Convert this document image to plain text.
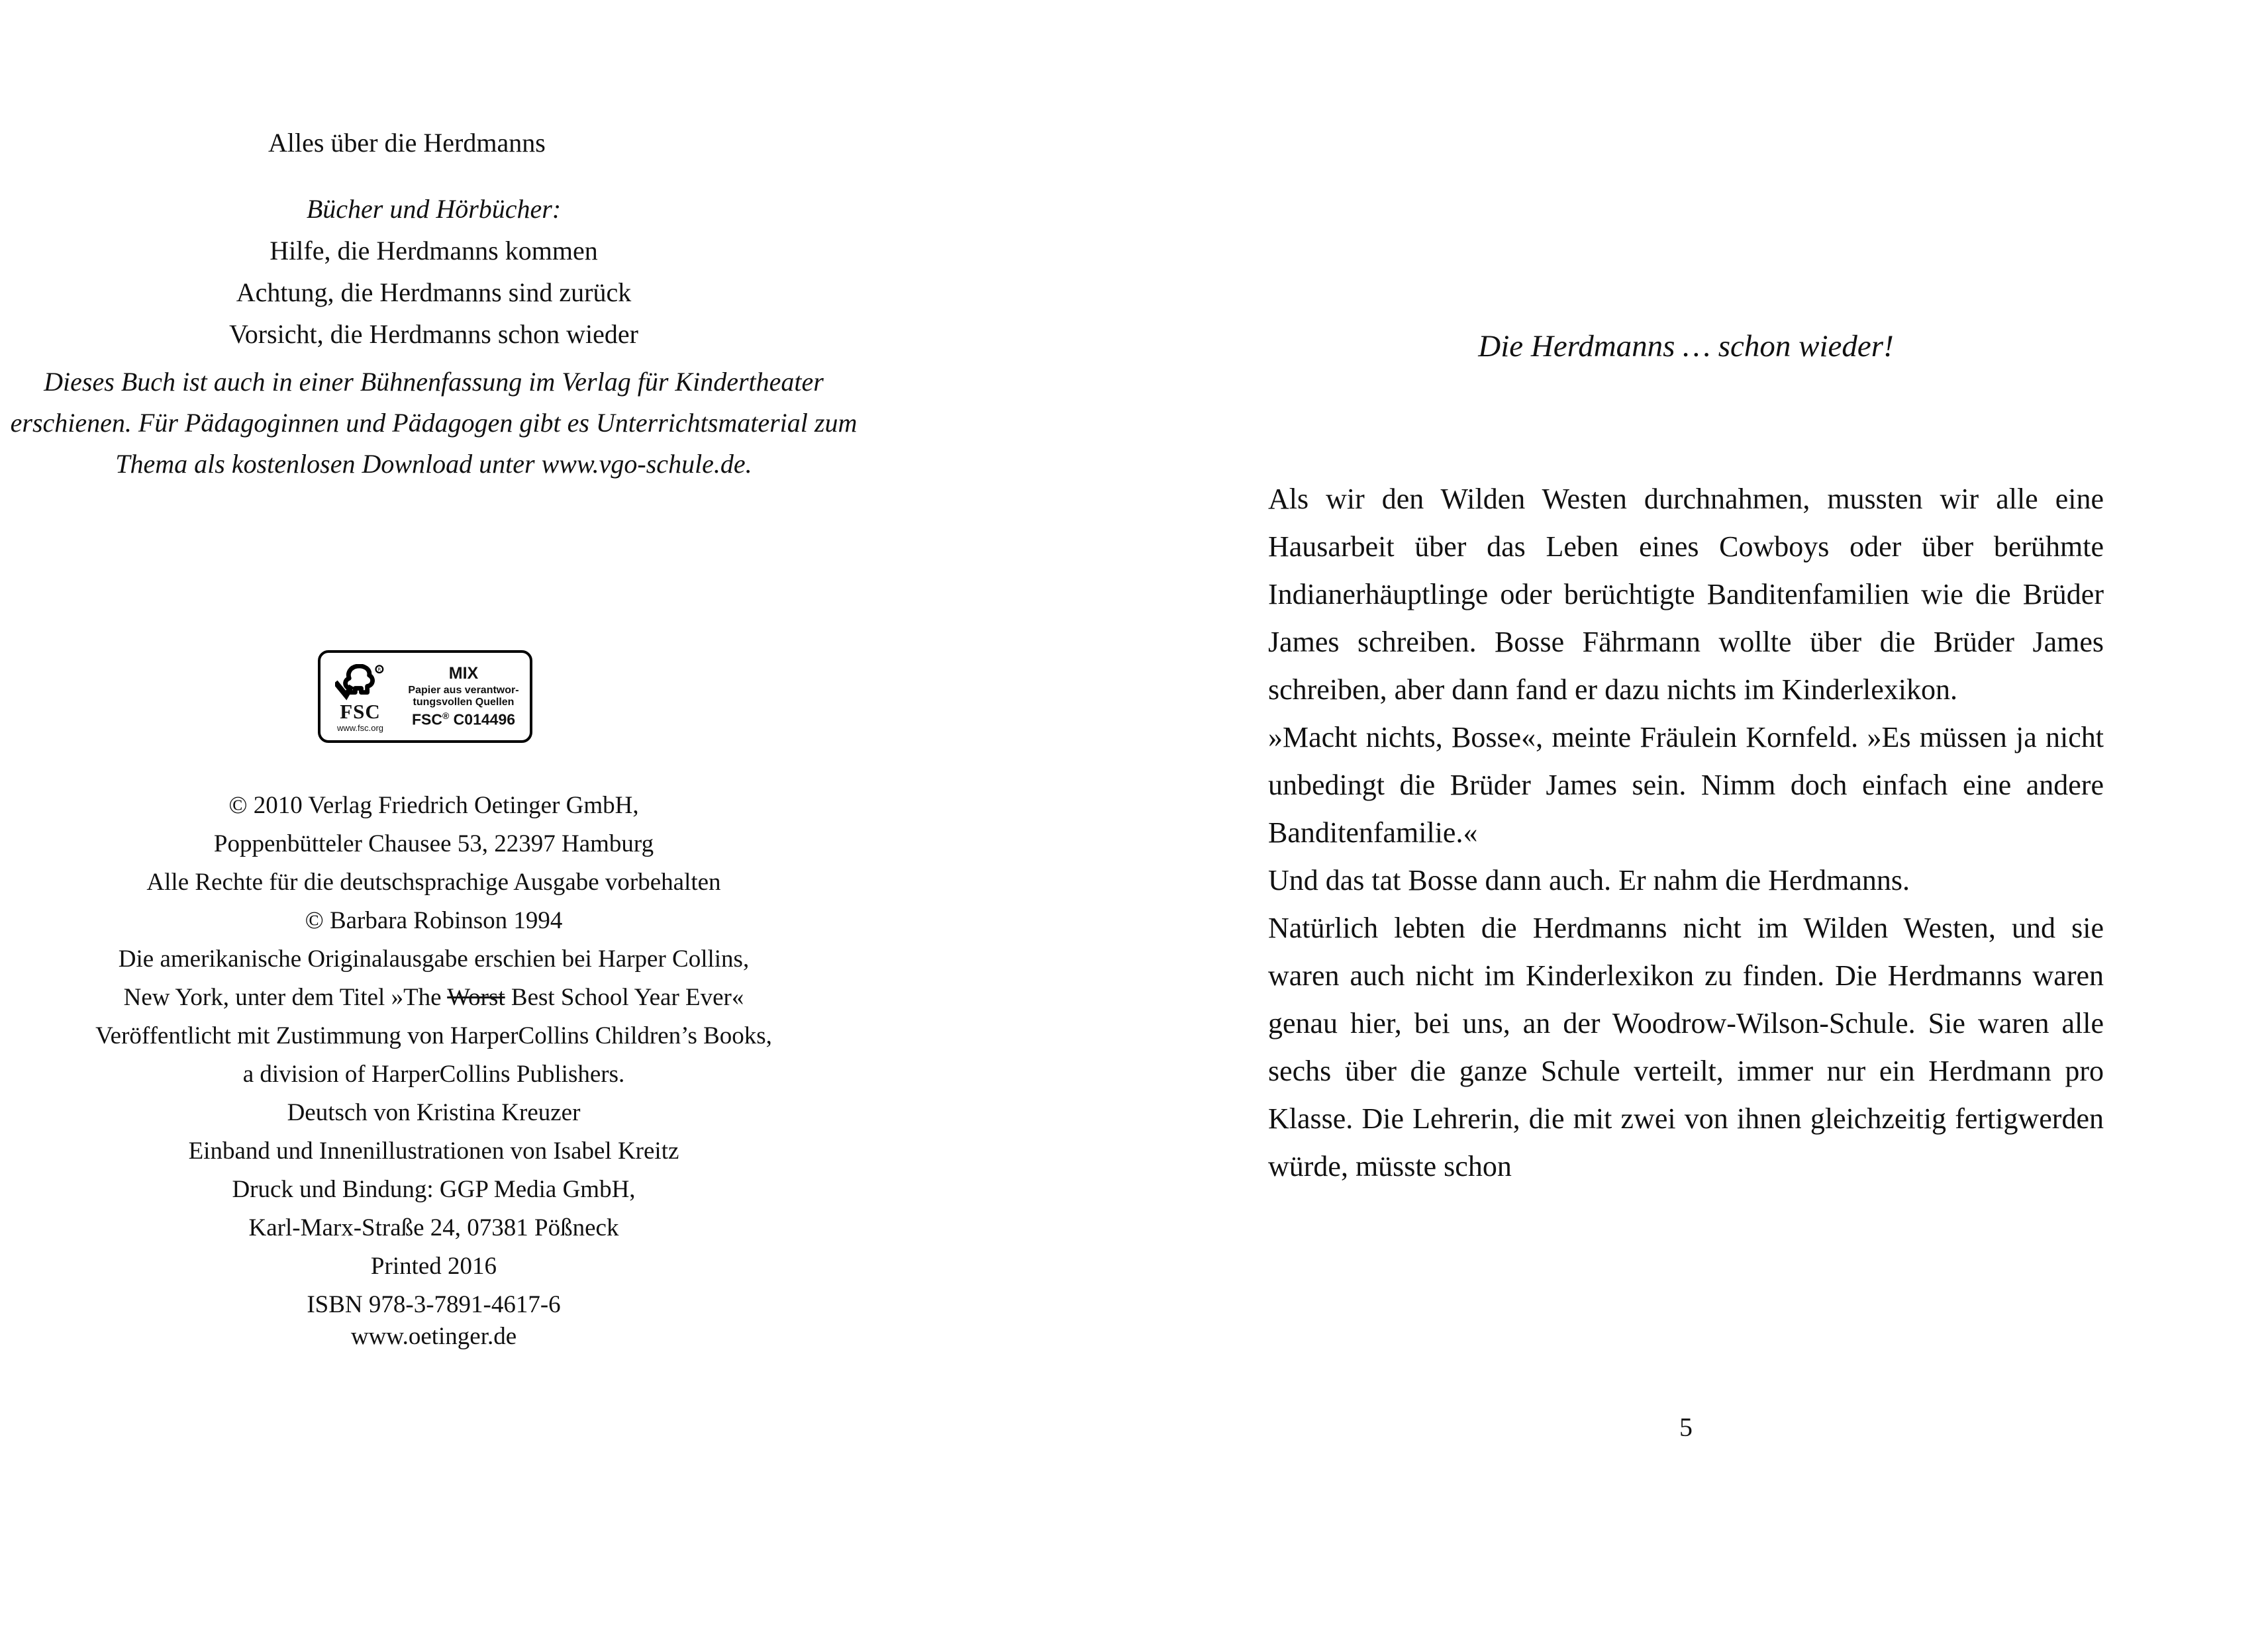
Alles über die Herdmanns
Bücher und Hörbücher:
Hilfe, die Herdmanns kommen
Achtung, die Herdmanns sind zurück
Vorsicht, die Herdmanns schon wieder
Dieses Buch ist auch in einer Bühnenfassung im Verlag für Kindertheater erschienen. Für Pädagoginnen und Pädagogen gibt es Unterrichtsmaterial zum Thema als kostenlosen Download unter www.vgo-schule.de.
R
FSC
www.fsc.org
MIX
Papier aus verantwor-
tungsvollen Quellen
FSC® C014496
© 2010 Verlag Friedrich Oetinger GmbH,
Poppenbütteler Chausee 53, 22397 Hamburg
Alle Rechte für die deutschsprachige Ausgabe vorbehalten
© Barbara Robinson 1994
Die amerikanische Originalausgabe erschien bei Harper Collins,
New York, unter dem Titel »The Worst Best School Year Ever«
Veröffentlicht mit Zustimmung von HarperCollins Children’s Books,
a division of HarperCollins Publishers.
Deutsch von Kristina Kreuzer
Einband und Innenillustrationen von Isabel Kreitz
Druck und Bindung: GGP Media GmbH,
Karl-Marx-Straße 24, 07381 Pößneck
Printed 2016
ISBN 978-3-7891-4617-6
www.oetinger.de
Die Herdmanns … schon wieder!

Als wir den Wilden Westen durchnahmen, mussten wir alle eine Hausarbeit über das Leben eines Cowboys oder über berühmte Indianerhäuptlinge oder berüchtigte Banditenfamilien wie die Brüder James schreiben. Bosse Fährmann wollte über die Brüder James schreiben, aber dann fand er dazu nichts im Kinderlexikon.

»Macht nichts, Bosse«, meinte Fräulein Kornfeld. »Es müssen ja nicht unbedingt die Brüder James sein. Nimm doch einfach eine andere Banditenfamilie.«

Und das tat Bosse dann auch. Er nahm die Herdmanns.

Natürlich lebten die Herdmanns nicht im Wilden Westen, und sie waren auch nicht im Kinderlexikon zu finden. Die Herdmanns waren genau hier, bei uns, an der Woodrow-Wilson-Schule. Sie waren alle sechs über die ganze Schule verteilt, immer nur ein Herdmann pro Klasse. Die Lehrerin, die mit zwei von ihnen gleichzeitig fertigwerden würde, müsste schon

5
